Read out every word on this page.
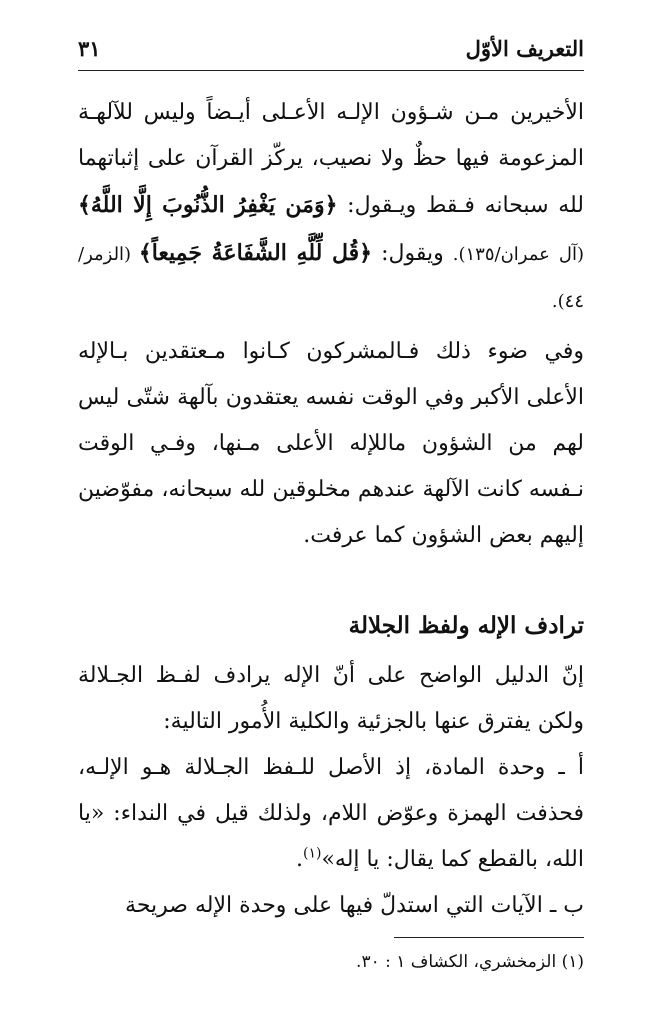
التعريف الأوّل
٣١

الأخيرين مـن شـؤون الإلـه الأعـلى أيـضاً وليس للآلهـة المزعومة فيها حظٌ ولا نصيب، يركّز القرآن على إثباتهما لله سبحانه فـقط ويـقول: ﴿وَمَن يَغْفِرُ الذُّنُوبَ إِلَّا اللَّهُ﴾ (آل عمران/١٣٥). ويقول: ﴿قُل لِّلَّهِ الشَّفَاعَةُ جَمِيعاً﴾ (الزمر/٤٤).

وفي ضوء ذلك فـالمشركون كـانوا مـعتقدين بـالإله الأعلى الأكبر وفي الوقت نفسه يعتقدون بآلهة شتّى ليس لهم من الشؤون ماللإله الأعلى مـنها، وفـي الوقت نـفسه كانت الآلهة عندهم مخلوقين لله سبحانه، مفوّضين إليهم بعض الشؤون كما عرفت.

ترادف الإله ولفظ الجلالة

إنّ الدليل الواضح على أنّ الإله يرادف لفـظ الجـلالة ولكن يفترق عنها بالجزئية والكلية الأُمور التالية:

أ ـ وحدة المادة، إذ الأصل للـفظ الجـلالة هـو الإلـه، فحذفت الهمزة وعوّض اللام، ولذلك قيل في النداء: «يا الله، بالقطع كما يقال: يا إله»$^{(١)}$.

ب ـ الآيات التي استدلّ فيها على وحدة الإله صريحة

(١) الزمخشري، الكشاف ١ : ٣٠.
